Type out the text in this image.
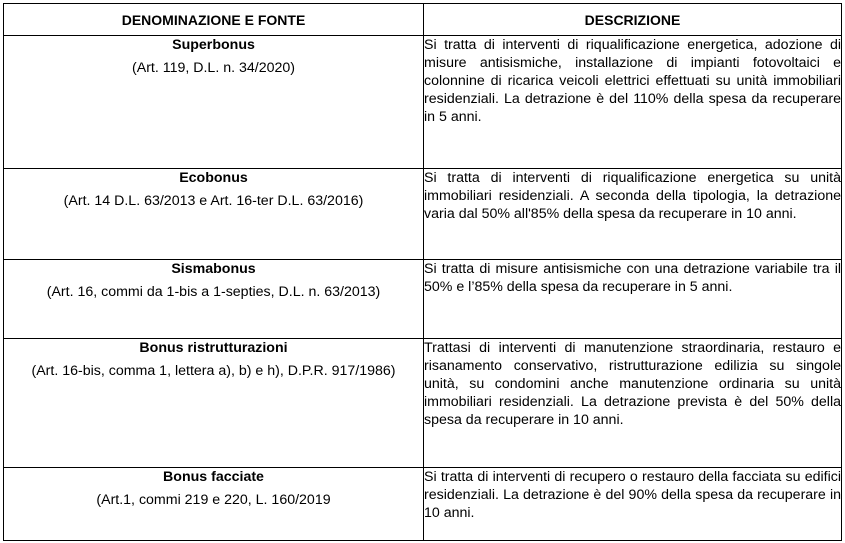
DENOMINAZIONE E FONTE	DESCRIZIONE

Superbonus
(Art. 119, D.L. n. 34/2020)	Si tratta di interventi di riqualificazione energetica, adozione di misure antisismiche, installazione di impianti fotovoltaici e colonnine di ricarica veicoli elettrici effettuati su unità immobiliari residenziali. La detrazione è del 110% della spesa da recuperare in 5 anni.

Ecobonus
(Art. 14 D.L. 63/2013 e Art. 16-ter D.L. 63/2016)	Si tratta di interventi di riqualificazione energetica su unità immobiliari residenziali. A seconda della tipologia, la detrazione varia dal 50% all'85% della spesa da recuperare in 10 anni.

Sismabonus
(Art. 16, commi da 1-bis a 1-septies, D.L. n. 63/2013)	Si tratta di misure antisismiche con una detrazione variabile tra il 50% e l’85% della spesa da recuperare in 5 anni.

Bonus ristrutturazioni
(Art. 16-bis, comma 1, lettera a), b) e h), D.P.R. 917/1986)	Trattasi di interventi di manutenzione straordinaria, restauro e risanamento conservativo, ristrutturazione edilizia su singole unità, su condomini anche manutenzione ordinaria su unità immobiliari residenziali. La detrazione prevista è del 50% della spesa da recuperare in 10 anni.

Bonus facciate
(Art.1, commi 219 e 220, L. 160/2019	Si tratta di interventi di recupero o restauro della facciata su edifici residenziali. La detrazione è del 90% della spesa da recuperare in 10 anni.
